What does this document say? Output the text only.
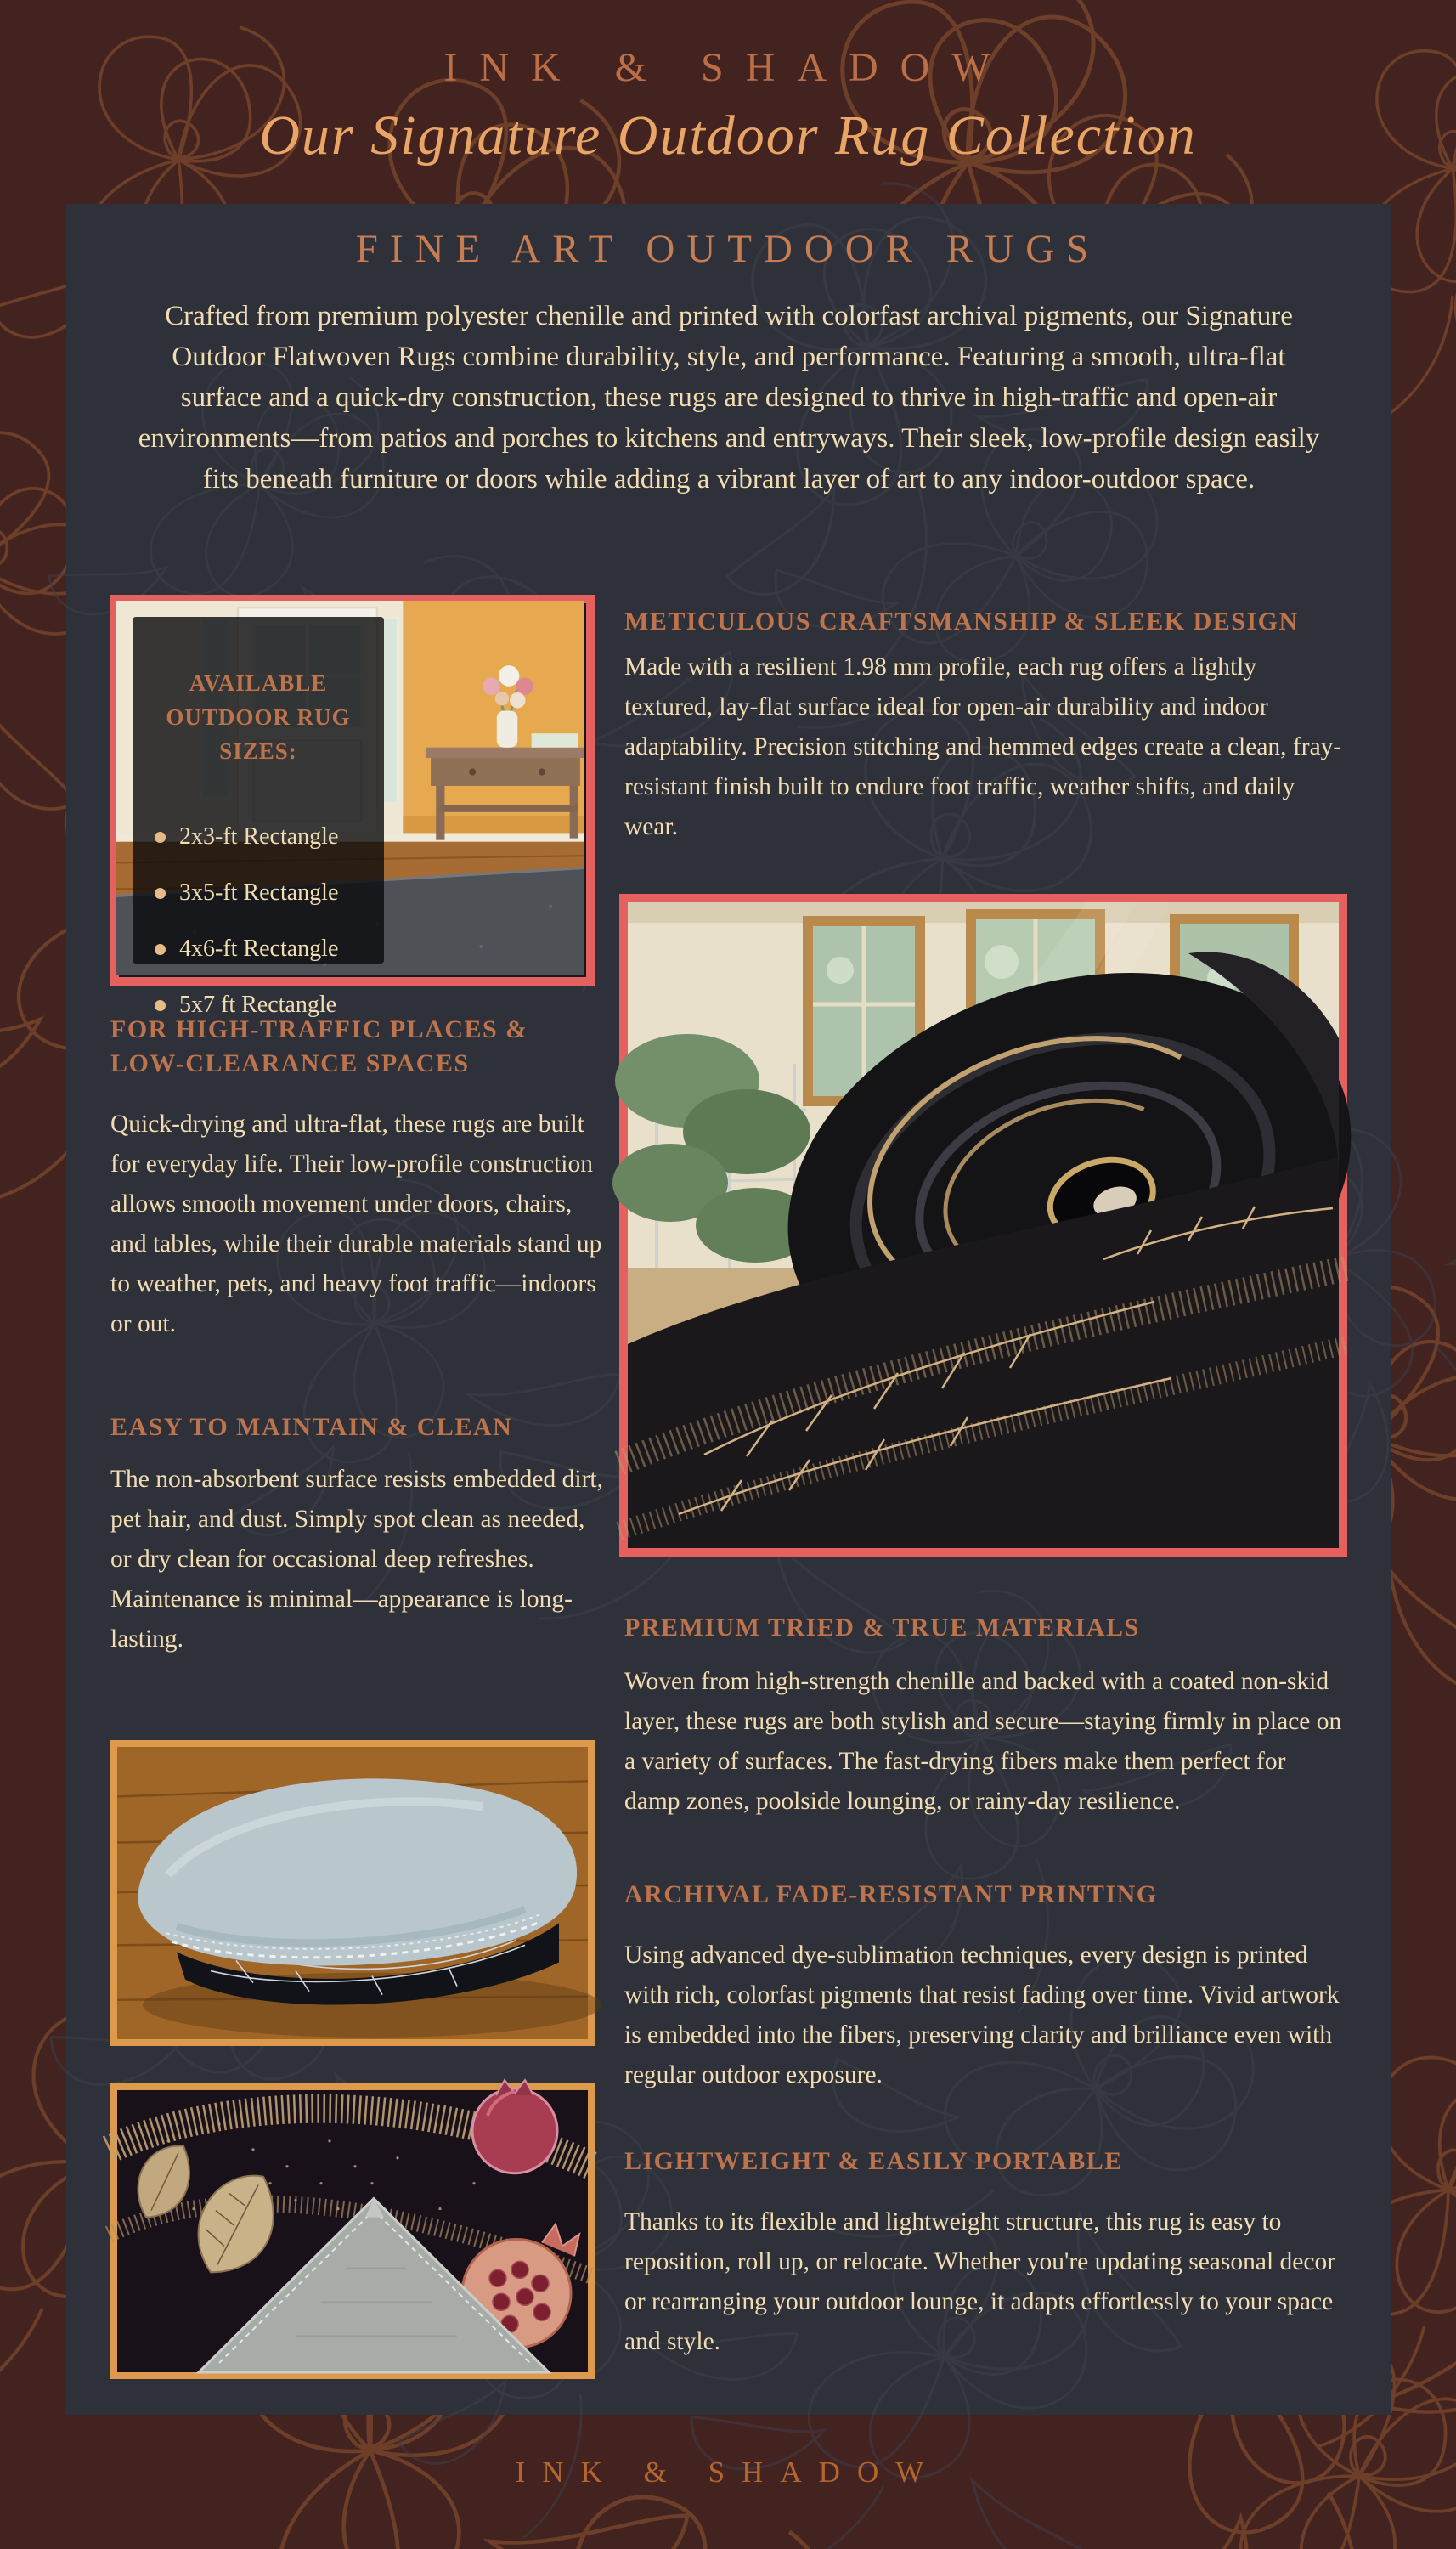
INK & SHADOW
Our Signature Outdoor Rug Collection
FINE ART OUTDOOR RUGS
Crafted from premium polyester chenille and printed with colorfast archival pigments, our Signature Outdoor Flatwoven Rugs combine durability, style, and performance. Featuring a smooth, ultra-flat surface and a quick-dry construction, these rugs are designed to thrive in high-traffic and open-air environments—from patios and porches to kitchens and entryways. Their sleek, low-profile design easily fits beneath furniture or doors while adding a vibrant layer of art to any indoor-outdoor space.
AVAILABLE OUTDOOR RUG SIZES:
2x3-ft Rectangle
3x5-ft Rectangle
4x6-ft Rectangle
5x7 ft Rectangle
METICULOUS CRAFTSMANSHIP & SLEEK DESIGN
Made with a resilient 1.98 mm profile, each rug offers a lightly textured, lay-flat surface ideal for open-air durability and indoor adaptability. Precision stitching and hemmed edges create a clean, fray-resistant finish built to endure foot traffic, weather shifts, and daily wear.
FOR HIGH-TRAFFIC PLACES & LOW-CLEARANCE SPACES
Quick-drying and ultra-flat, these rugs are built for everyday life. Their low-profile construction allows smooth movement under doors, chairs, and tables, while their durable materials stand up to weather, pets, and heavy foot traffic—indoors or out.
EASY TO MAINTAIN & CLEAN
The non-absorbent surface resists embedded dirt, pet hair, and dust. Simply spot clean as needed, or dry clean for occasional deep refreshes. Maintenance is minimal—appearance is long-lasting.	PREMIUM TRIED & TRUE MATERIALS
Woven from high-strength chenille and backed with a coated non-skid layer, these rugs are both stylish and secure—staying firmly in place on a variety of surfaces. The fast-drying fibers make them perfect for damp zones, poolside lounging, or rainy-day resilience.
ARCHIVAL FADE-RESISTANT PRINTING
Using advanced dye-sublimation techniques, every design is printed with rich, colorfast pigments that resist fading over time. Vivid artwork is embedded into the fibers, preserving clarity and brilliance even with regular outdoor exposure.
LIGHTWEIGHT & EASILY PORTABLE
Thanks to its flexible and lightweight structure, this rug is easy to reposition, roll up, or relocate. Whether you're updating seasonal decor or rearranging your outdoor lounge, it adapts effortlessly to your space and style.
INK & SHADOW
